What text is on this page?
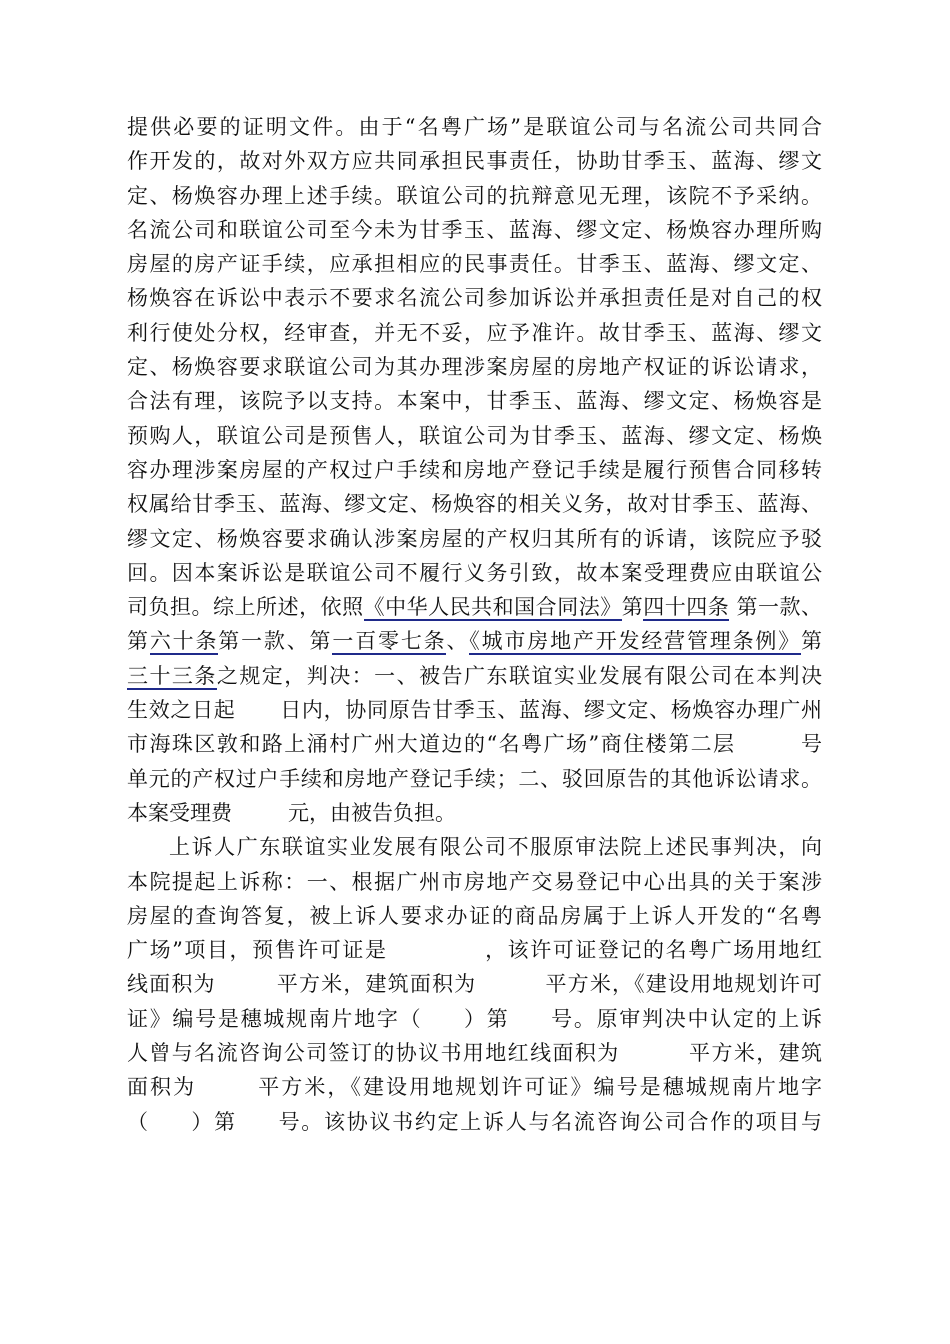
提供必要的证明文件。由于“名粤广场”是联谊公司与名流公司共同合
作开发的，故对外双方应共同承担民事责任，协助甘季玉、蓝海、缪文
定、杨焕容办理上述手续。联谊公司的抗辩意见无理，该院不予采纳。
名流公司和联谊公司至今未为甘季玉、蓝海、缪文定、杨焕容办理所购
房屋的房产证手续，应承担相应的民事责任。甘季玉、蓝海、缪文定、
杨焕容在诉讼中表示不要求名流公司参加诉讼并承担责任是对自己的权
利行使处分权，经审查，并无不妥，应予准许。故甘季玉、蓝海、缪文
定、杨焕容要求联谊公司为其办理涉案房屋的房地产权证的诉讼请求，
合法有理，该院予以支持。本案中，甘季玉、蓝海、缪文定、杨焕容是
预购人，联谊公司是预售人，联谊公司为甘季玉、蓝海、缪文定、杨焕
容办理涉案房屋的产权过户手续和房地产登记手续是履行预售合同移转
权属给甘季玉、蓝海、缪文定、杨焕容的相关义务，故对甘季玉、蓝海、
缪文定、杨焕容要求确认涉案房屋的产权归其所有的诉请，该院应予驳
回。因本案诉讼是联谊公司不履行义务引致，故本案受理费应由联谊公
司负担。综上所述，依照《中华人民共和国合同法》第四十四条 第一款、
第六十条第一款、第一百零七条、《城市房地产开发经营管理条例》第
三十三条之规定，判决：一、被告广东联谊实业发展有限公司在本判决
生效之日起 日内，协同原告甘季玉、蓝海、缪文定、杨焕容办理广州
市海珠区敦和路上涌村广州大道边的“名粤广场”商住楼第二层	号
单元的产权过户手续和房地产登记手续；二、驳回原告的其他诉讼请求。
本案受理费	元，由被告负担。
上诉人广东联谊实业发展有限公司不服原审法院上述民事判决，向
本院提起上诉称：一、根据广州市房地产交易登记中心出具的关于案涉
房屋的查询答复，被上诉人要求办证的商品房属于上诉人开发的“名粤
广场”项目，预售许可证是	，该许可证登记的名粤广场用地红
线面积为	平方米，建筑面积为	平方米，《建设用地规划许可
证》编号是穗城规南片地字（ ）第 号。原审判决中认定的上诉
人曾与名流咨询公司签订的协议书用地红线面积为	平方米，建筑
面积为	平方米，《建设用地规划许可证》编号是穗城规南片地字
（ ）第 号。该协议书约定上诉人与名流咨询公司合作的项目与
